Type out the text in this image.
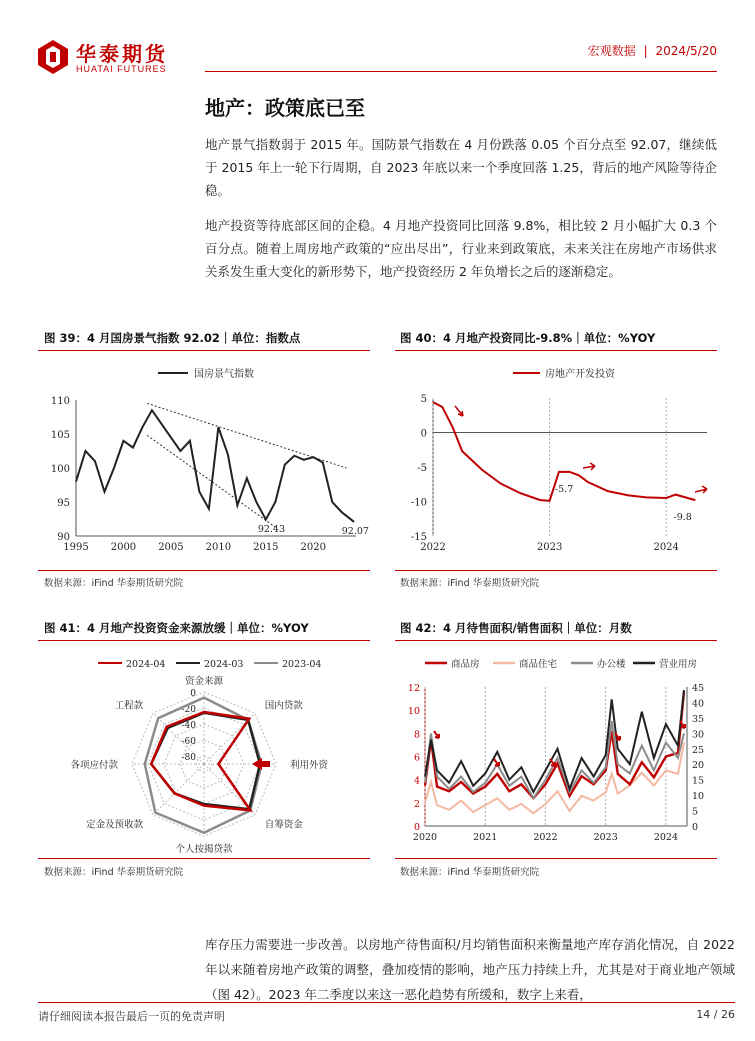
华泰期货
HUATAI FUTURES
宏观数据 | 2024/5/20
地产：政策底已至
地产景气指数弱于 2015 年。国防景气指数在 4 月份跌落 0.05 个百分点至 92.07，继续低于 2015 年上一轮下行周期，自 2023 年底以来一个季度回落 1.25，背后的地产风险等待企稳。
地产投资等待底部区间的企稳。4 月地产投资同比回落 9.8%，相比较 2 月小幅扩大 0.3 个百分点。随着上周房地产政策的“应出尽出”，行业来到政策底，未来关注在房地产市场供求关系发生重大变化的新形势下，地产投资经历 2 年负增长之后的逐渐稳定。
图 39：4 月国房景气指数 92.02｜单位：指数点
国房景气指数
90
95
100
105
110
1995 2000 2005 2010 2015 2020
92.43	92.07
数据来源：iFind 华泰期货研究院
图 40：4 月地产投资同比-9.8%｜单位：%YOY
房地产开发投资
-15
-10
-5
0
5
2022	2023	2024
-5.7
-9.8
数据来源：iFind 华泰期货研究院
图 41：4 月地产投资资金来源放缓｜单位：%YOY
2024-04	2024-03	2023-04
资金来源
国内贷款
利用外资
自筹资金
个人按揭贷款
定金及预收款
各项应付款
工程款
0
-20
-40
-60
-80
数据来源：iFind 华泰期货研究院
图 42：4 月待售面积/销售面积｜单位：月数
商品房	商品住宅	办公楼	营业用房
0
2
4
6
8
10
12
0
5
10
15
20
25
30
35
40
45
2020	2021	2022	2023	2024
数据来源：iFind 华泰期货研究院
库存压力需要进一步改善。以房地产待售面积/月均销售面积来衡量地产库存消化情况，自 2022 年以来随着房地产政策的调整，叠加疫情的影响，地产压力持续上升，尤其是对于商业地产领域（图 42）。2023 年二季度以来这一恶化趋势有所缓和，数字上来看，
请仔细阅读本报告最后一页的免责声明	14 / 26
